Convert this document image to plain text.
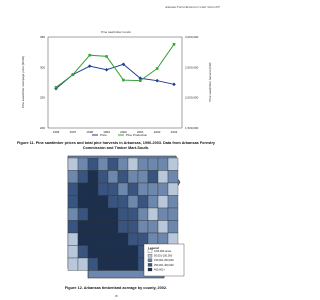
Arkansas Forest Resources Center Series 007
Pine sawtimber trends
Pine sawtimber stumpage price ($/mbf)	Pine sawtimber harvest (mbf)
350
300
250
200
3,000,000
2,500,000
2,000,000
1,500,000
1996	1997	1998	1999	2000	2001	2002	2003
Price	Pine Production
Figure 11. Pine sawtimber prices and total pine harvests in Arkansas, 1996-2003. Data from Arkansas Forestry Commission and Timber Mart-South.
Legend
0-50,000 acres
50,001-150,000
150,001-250,000
250,001-400,000
400,001+
Figure 12. Arkansas timberland acreage by county, 2002.
18
